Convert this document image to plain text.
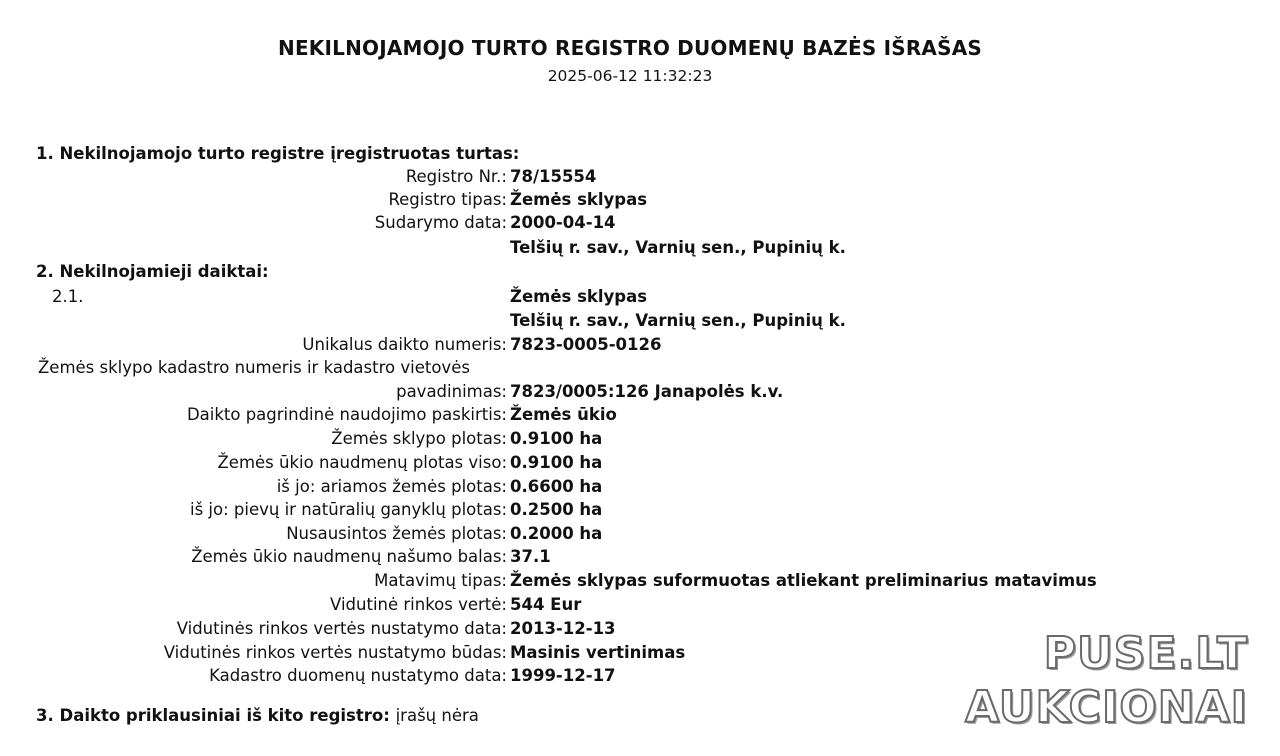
NEKILNOJAMOJO TURTO REGISTRO DUOMENŲ BAZĖS IŠRAŠAS
2025-06-12 11:32:23
1. Nekilnojamojo turto registre įregistruotas turtas:
Registro Nr.: 78/15554
Registro tipas: Žemės sklypas
Sudarymo data: 2000-04-14
Telšių r. sav., Varnių sen., Pupinių k.
2. Nekilnojamieji daiktai:
2.1.	Žemės sklypas
Telšių r. sav., Varnių sen., Pupinių k.
Unikalus daikto numeris: 7823-0005-0126
Žemės sklypo kadastro numeris ir kadastro vietovės
pavadinimas: 7823/0005:126 Janapolės k.v.
Daikto pagrindinė naudojimo paskirtis: Žemės ūkio
Žemės sklypo plotas: 0.9100 ha
Žemės ūkio naudmenų plotas viso: 0.9100 ha
iš jo: ariamos žemės plotas: 0.6600 ha
iš jo: pievų ir natūralių ganyklų plotas: 0.2500 ha
Nusausintos žemės plotas: 0.2000 ha
Žemės ūkio naudmenų našumo balas: 37.1
Matavimų tipas: Žemės sklypas suformuotas atliekant preliminarius matavimus
Vidutinė rinkos vertė: 544 Eur
Vidutinės rinkos vertės nustatymo data: 2013-12-13
Vidutinės rinkos vertės nustatymo būdas: Masinis vertinimas
Kadastro duomenų nustatymo data: 1999-12-17
3. Daikto priklausiniai iš kito registro: įrašų nėra
PUSE.LT
AUKCIONAI
